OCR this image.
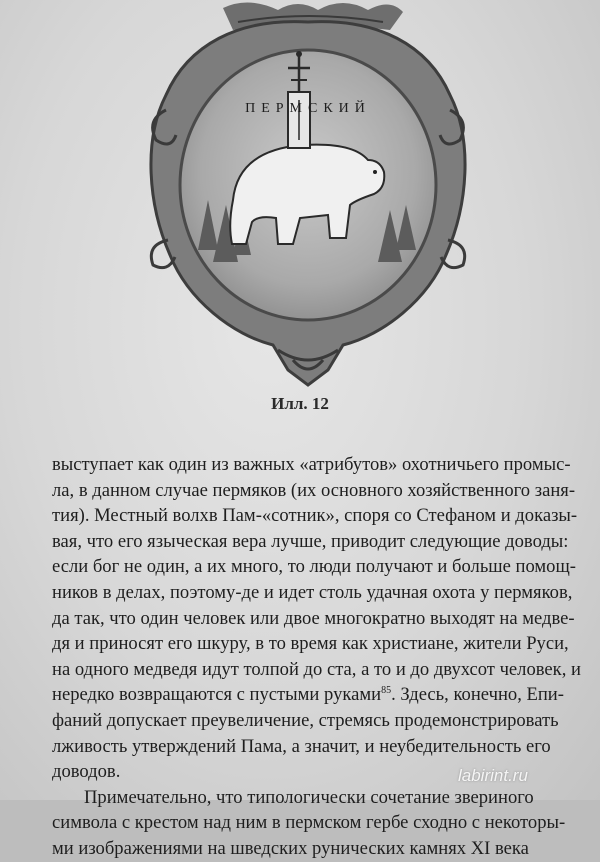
ПЕРМСКИЙ
Илл. 12
выступает как один из важных «атрибутов» охотничьего промыс-
ла, в данном случае пермяков (их основного хозяйственного заня-
тия). Местный волхв Пам-«сотник», споря со Стефаном и доказы-
вая, что его языческая вера лучше, приводит следующие доводы:
если бог не один, а их много, то люди получают и больше помощ-
ников в делах, поэтому-де и идет столь удачная охота у пермяков,
да так, что один человек или двое многократно выходят на медве-
дя и приносят его шкуру, в то время как христиане, жители Руси,
на одного медведя идут толпой до ста, а то и до двухсот человек, и
нередко возвращаются с пустыми руками$^{85}$. Здесь, конечно, Епи-
фаний допускает преувеличение, стремясь продемонстрировать
лживость утверждений Пама, а значит, и неубедительность его
доводов.
Примечательно, что типологически сочетание звериного
символа с крестом над ним в пермском гербе сходно с некоторы-
ми изображениями на шведских рунических камнях XI века
labirint.ru
